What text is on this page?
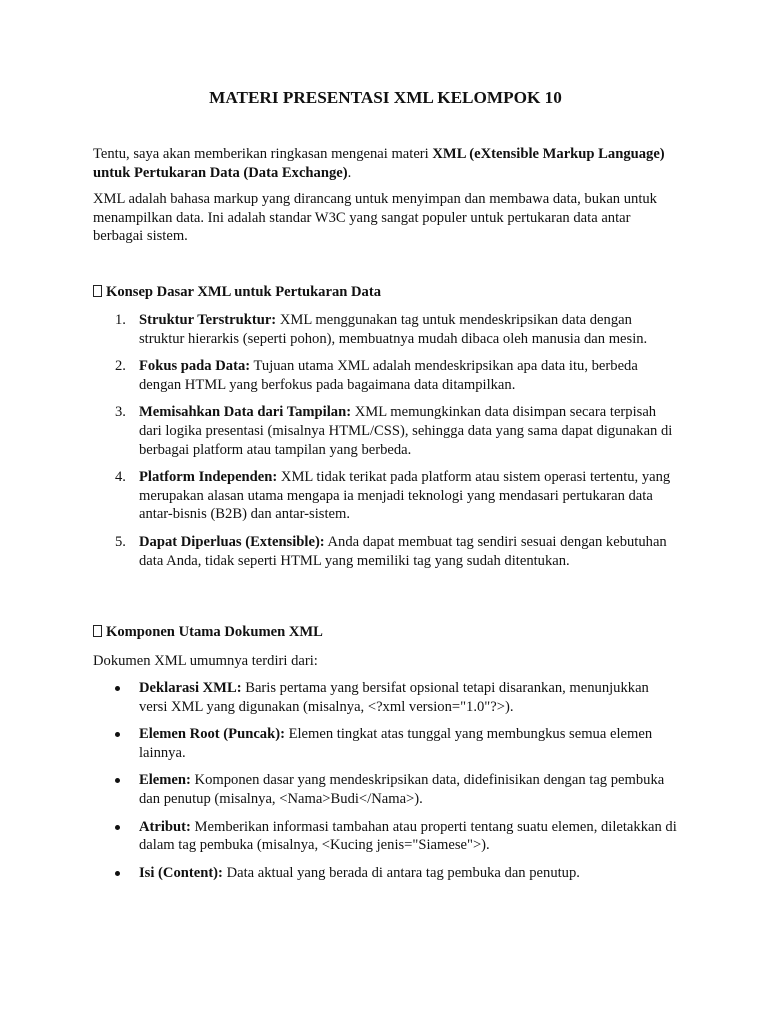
MATERI PRESENTASI XML KELOMPOK 10

Tentu, saya akan memberikan ringkasan mengenai materi XML (eXtensible Markup Language) untuk Pertukaran Data (Data Exchange).

XML adalah bahasa markup yang dirancang untuk menyimpan dan membawa data, bukan untuk menampilkan data. Ini adalah standar W3C yang sangat populer untuk pertukaran data antar berbagai sistem.

Konsep Dasar XML untuk Pertukaran Data

1. Struktur Terstruktur: XML menggunakan tag untuk mendeskripsikan data dengan struktur hierarkis (seperti pohon), membuatnya mudah dibaca oleh manusia dan mesin.
2. Fokus pada Data: Tujuan utama XML adalah mendeskripsikan apa data itu, berbeda dengan HTML yang berfokus pada bagaimana data ditampilkan.
3. Memisahkan Data dari Tampilan: XML memungkinkan data disimpan secara terpisah dari logika presentasi (misalnya HTML/CSS), sehingga data yang sama dapat digunakan di berbagai platform atau tampilan yang berbeda.
4. Platform Independen: XML tidak terikat pada platform atau sistem operasi tertentu, yang merupakan alasan utama mengapa ia menjadi teknologi yang mendasari pertukaran data antar-bisnis (B2B) dan antar-sistem.
5. Dapat Diperluas (Extensible): Anda dapat membuat tag sendiri sesuai dengan kebutuhan data Anda, tidak seperti HTML yang memiliki tag yang sudah ditentukan.

Komponen Utama Dokumen XML

Dokumen XML umumnya terdiri dari:

Deklarasi XML: Baris pertama yang bersifat opsional tetapi disarankan, menunjukkan versi XML yang digunakan (misalnya, <?xml version="1.0"?>).
Elemen Root (Puncak): Elemen tingkat atas tunggal yang membungkus semua elemen lainnya.
Elemen: Komponen dasar yang mendeskripsikan data, didefinisikan dengan tag pembuka dan penutup (misalnya, <Nama>Budi</Nama>).
Atribut: Memberikan informasi tambahan atau properti tentang suatu elemen, diletakkan di dalam tag pembuka (misalnya, <Kucing jenis="Siamese">).
Isi (Content): Data aktual yang berada di antara tag pembuka dan penutup.
